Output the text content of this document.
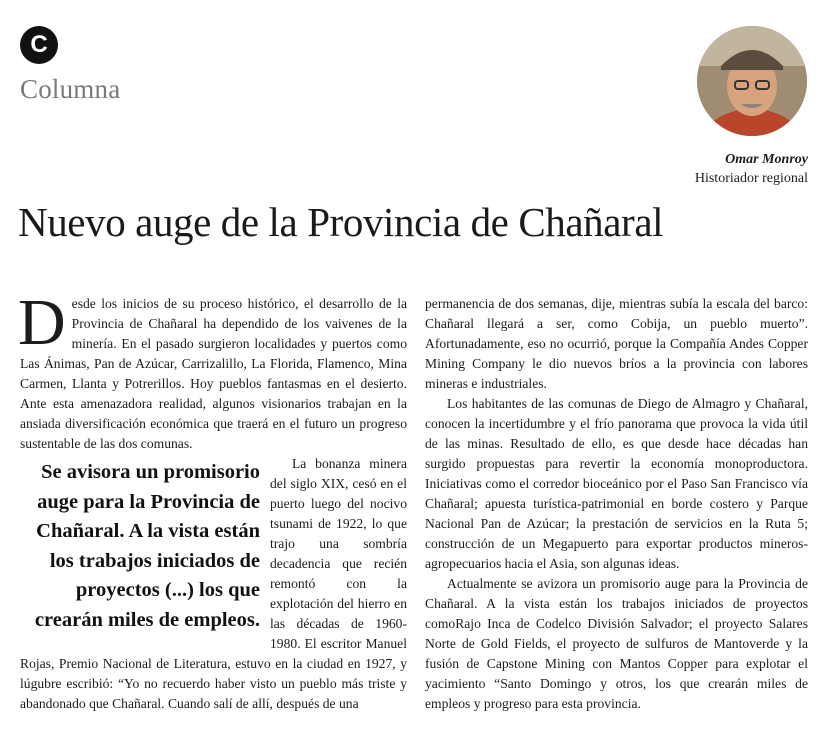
C
Columna
Omar Monroy
Historiador regional
Nuevo auge de la Provincia de Chañaral

Desde los inicios de su proceso histórico, el desarrollo de la Provincia de Chañaral ha dependido de los vaivenes de la minería. En el pasado surgieron localidades y puertos como Las Ánimas, Pan de Azúcar, Carrizalillo, La Florida, Flamenco, Mina Carmen, Llanta y Potrerillos. Hoy pueblos fantasmas en el desierto. Ante esta amenazadora realidad, algunos visionarios trabajan en la ansiada diversificación económica que traerá en el futuro un progreso sustentable de las dos comunas.

Se avisora un promisorio auge para la Provincia de Chañaral. A la vista están los trabajos iniciados de proyectos (...) los que crearán miles de empleos.

La bonanza minera del siglo XIX, cesó en el puerto luego del nocivo tsunami de 1922, lo que trajo una sombría decadencia que recién remontó con la explotación del hierro en las décadas de 1960-1980. El escritor Manuel Rojas, Premio Nacional de Literatura, estuvo en la ciudad en 1927, y lúgubre escribió: “Yo no recuerdo haber visto un pueblo más triste y abandonado que Chañaral. Cuando salí de allí, después de una

permanencia de dos semanas, dije, mientras subía la escala del barco: Chañaral llegará a ser, como Cobija, un pueblo muerto”. Afortunadamente, eso no ocurrió, porque la Compañía Andes Copper Mining Company le dio nuevos bríos a la provincia con labores mineras e industriales.

Los habitantes de las comunas de Diego de Almagro y Chañaral, conocen la incertidumbre y el frío panorama que provoca la vida útil de las minas. Resultado de ello, es que desde hace décadas han surgido propuestas para revertir la economía monoproductora. Iniciativas como el corredor bioceánico por el Paso San Francisco vía Chañaral; apuesta turística-patrimonial en borde costero y Parque Nacional Pan de Azúcar; la prestación de servicios en la Ruta 5; construcción de un Megapuerto para exportar productos mineros-agropecuarios hacia el Asia, son algunas ideas.

Actualmente se avizora un promisorio auge para la Provincia de Chañaral. A la vista están los trabajos iniciados de proyectos comoRajo Inca de Codelco División Salvador; el proyecto Salares Norte de Gold Fields, el proyecto de sulfuros de Mantoverde y la fusión de Capstone Mining con Mantos Copper para explotar el yacimiento “Santo Domingo y otros, los que crearán miles de empleos y progreso para esta provincia.
